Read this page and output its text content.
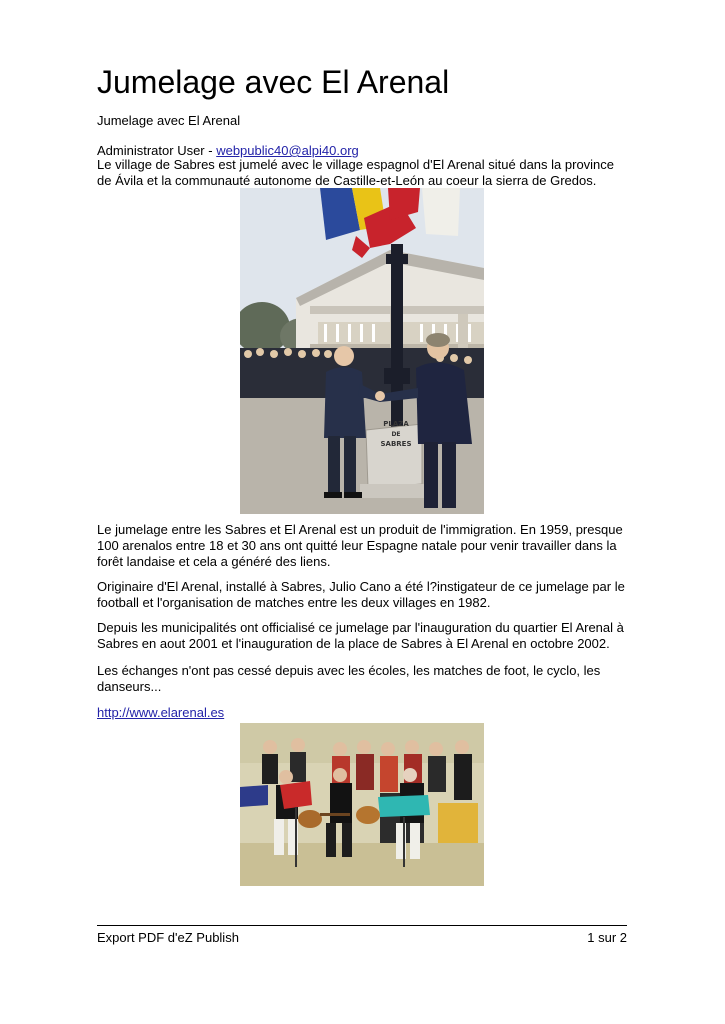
Jumelage avec El Arenal
Jumelage avec El Arenal
Administrator User - webpublic40@alpi40.org

Le village de Sabres est jumelé avec le village espagnol d'El Arenal situé dans la province de Ávila et la communauté autonome de Castille-et-León au coeur la sierra de Gredos.

PLAZA
DE
SABRES

Le jumelage entre les Sabres et El Arenal est un produit de l'immigration. En 1959, presque 100 arenalos entre 18 et 30 ans ont quitté leur Espagne natale pour venir travailler dans la forêt landaise et cela a généré des liens.

Originaire d'El Arenal, installé à Sabres, Julio Cano a été l?instigateur de ce jumelage par le football et l'organisation de matches entre les deux villages en 1982.

Depuis les municipalités ont officialisé ce jumelage par l'inauguration du quartier El Arenal à Sabres en aout 2001 et l'inauguration de la place de Sabres à El Arenal en octobre 2002.

Les échanges n'ont pas cessé depuis avec les écoles, les matches de foot, le cyclo, les danseurs...

http://www.elarenal.es
Export PDF d'eZ Publish	1 sur 2
